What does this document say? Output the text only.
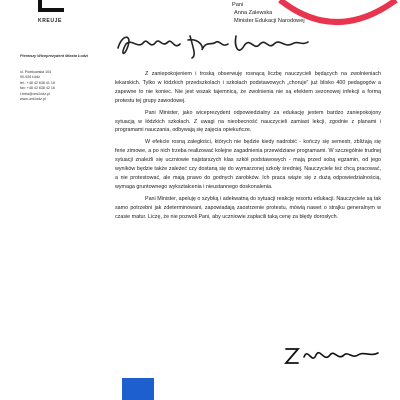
KREUJE
Pani
Anna Zalewska
Minister Edukacji Narodowej
Pierwszy Wiceprezydent Miasta Łodzi
ul. Piotrkowska 104
90-926 Łódź
tel.: +48 42 638 41 16
fax: +48 42 638 42 16
t.trela@uml.lodz.pl
www.uml.lodz.pl

Z zaniepokojeniem i troską obserwuję rosnącą liczbę nauczycieli będących na zwolnieniach lekarskich. Tylko w łódzkich przedszkolach i szkołach podstawowych „choruje” już blisko 400 pedagogów a zapewne to nie koniec. Nie jest wszak tajemnicą, że zwolnienia nie są efektem sezonowej infekcji a formą protestu tej grupy zawodowej.

Pani Minister, jako wiceprezydent odpowiedzialny za edukację jestem bardzo zaniepokojony sytuacją w łódzkich szkołach. Z uwagi na nieobecność nauczycieli zamiast lekcji, zgodnie z planami i programami nauczania, odbywają się zajęcia opiekuńcze.

W efekcie rosną zaległości, których nie będzie kiedy nadrobić - kończy się semestr, zbliżają się ferie zimowe, a po nich trzeba realizować kolejne zagadnienia przewidziane programami. W szczególnie trudnej sytuacji znaleźli się uczniowie najstarszych klas szkół podstawowych - mają przed sobą egzamin, od jego wyników będzie także zależeć czy dostaną się do wymarzonej szkoły średniej. Nauczyciele też chcą pracować, a nie protestować, ale mają prawo do godnych zarobków. Ich praca wiąże się z dużą odpowiedzialnością, wymaga gruntownego wykształcenia i nieustannego doskonalenia.

Pani Minister, apeluję o szybką i adekwatną do sytuacji reakcję resortu edukacji. Nauczyciele są tak samo potrzebni jak zdeterminowani, zapowiadają zaostrzenie protestu, mówią nawet o strajku generalnym w czasie matur. Liczę, że nie pozwoli Pani, aby uczniowie zapłacili taką cenę za błędy dorosłych.
